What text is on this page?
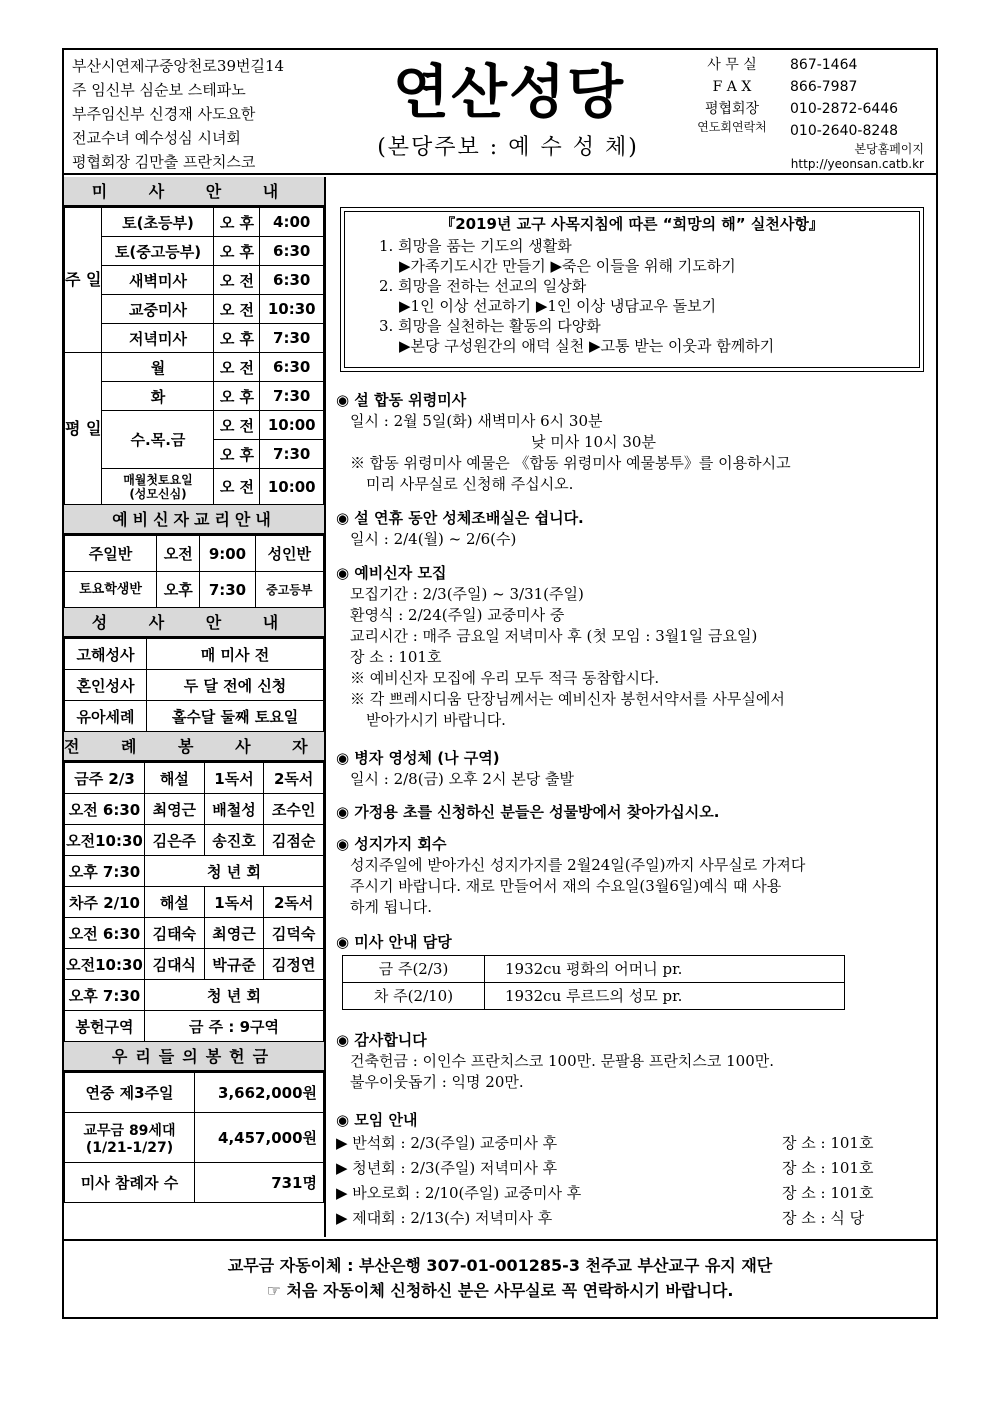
부산시연제구중앙천로39번길14
주 임신부 심순보 스테파노
부주임신부 신경재 사도요한
전교수녀 예수성심 시녀회
평협회장 김만출 프란치스코
연산성당
(본당주보 : 예 수 성 체)
사 무 실	867-1464
F A X	866-7987
평협회장	010-2872-6446
연도회연락처	010-2640-8248
본당홈페이지
http://yeonsan.catb.kr
미 사 안 내
주 일	토(초등부)	오 후	4:00
	토(중고등부)	오 후	6:30
	새벽미사	오 전	6:30
	교중미사	오 전	10:30
	저녁미사	오 후	7:30
평 일	월	오 전	6:30
	화	오 후	7:30
	수.목.금	오 전	10:00
		오 후	7:30

	매월첫토요일
(성모신심)	오 전	10:00
예비신자교리안내
주일반	오전	9:00	성인반
토요학생반	오후	7:30	중고등부
성 사 안 내
고해성사	매 미사 전
혼인성사	두 달 전에 신청
유아세례	홀수달 둘째 토요일
전 례 봉 사 자
금주 2/3	해설	1독서	2독서
오전 6:30	최영근	배철성	조수인
오전10:30	김은주	송진호	김점순
오후 7:30	청 년 회		
차주 2/10	해설	1독서	2독서
오전 6:30	김태숙	최영근	김덕숙
오전10:30	김대식	박규준	김정연
오후 7:30	청 년 회		
봉헌구역	금 주 : 9구역		
우리들의봉헌금
연중 제3주일	3,662,000원

교무금 89세대
(1/21-1/27)	4,457,000원
미사 참례자 수	731명
『2019년 교구 사목지침에 따른 “희망의 해” 실천사항』
1. 희망을 품는 기도의 생활화
▶가족기도시간 만들기 ▶죽은 이들을 위해 기도하기
2. 희망을 전하는 선교의 일상화
▶1인 이상 선교하기 ▶1인 이상 냉담교우 돌보기
3. 희망을 실천하는 활동의 다양화
▶본당 구성원간의 애덕 실천 ▶고통 받는 이웃과 함께하기
◉ 설 합동 위령미사
일시 : 2월 5일(화) 새벽미사 6시 30분
낮 미사 10시 30분
※ 합동 위령미사 예물은 《합동 위령미사 예물봉투》를 이용하시고
미리 사무실로 신청해 주십시오.
◉ 설 연휴 동안 성체조배실은 쉽니다.
일시 : 2/4(월) ~ 2/6(수)
◉ 예비신자 모집
모집기간 : 2/3(주일) ~ 3/31(주일)
환영식 : 2/24(주일) 교중미사 중
교리시간 : 매주 금요일 저녁미사 후 (첫 모임 : 3월1일 금요일)
장 소 : 101호
※ 예비신자 모집에 우리 모두 적극 동참합시다.
※ 각 쁘레시디움 단장님께서는 예비신자 봉헌서약서를 사무실에서
받아가시기 바랍니다.
◉ 병자 영성체 (나 구역)
일시 : 2/8(금) 오후 2시 본당 출발
◉ 가정용 초를 신청하신 분들은 성물방에서 찾아가십시오.
◉ 성지가지 회수
성지주일에 받아가신 성지가지를 2월24일(주일)까지 사무실로 가져다
주시기 바랍니다. 재로 만들어서 재의 수요일(3월6일)예식 때 사용
하게 됩니다.
◉ 미사 안내 담당
금 주(2/3)	1932cu 평화의 어머니 pr.
차 주(2/10)	1932cu 루르드의 성모 pr.
◉ 감사합니다
건축헌금 : 이인수 프란치스코 100만. 문팔용 프란치스코 100만.
불우이웃돕기 : 익명 20만.
◉ 모임 안내
▶ 반석회 : 2/3(주일) 교중미사 후	장 소 : 101호
▶ 청년회 : 2/3(주일) 저녁미사 후	장 소 : 101호
▶ 바오로회 : 2/10(주일) 교중미사 후	장 소 : 101호
▶ 제대회 : 2/13(수) 저녁미사 후	장 소 : 식 당
교무금 자동이체 : 부산은행 307-01-001285-3 천주교 부산교구 유지 재단
☞ 처음 자동이체 신청하신 분은 사무실로 꼭 연락하시기 바랍니다.
